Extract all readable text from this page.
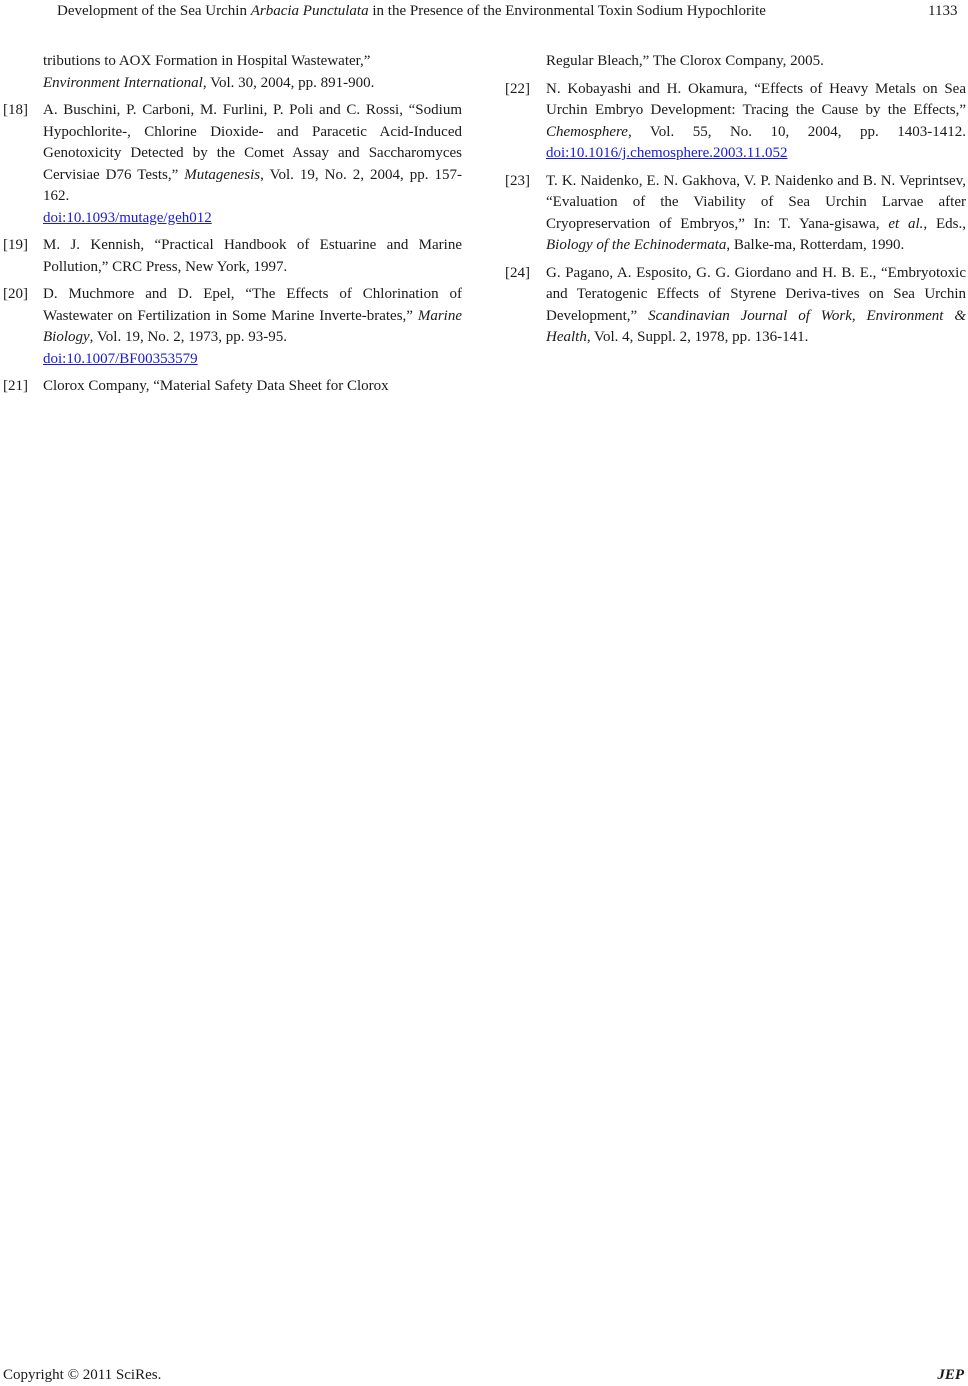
Development of the Sea Urchin Arbacia Punctulata in the Presence of the Environmental Toxin Sodium Hypochlorite	1133
tributions to AOX Formation in Hospital Wastewater,”
Environment International, Vol. 30, 2004, pp. 891-900.
[18] A. Buschini, P. Carboni, M. Furlini, P. Poli and C. Rossi, “Sodium Hypochlorite-, Chlorine Dioxide- and Paracetic Acid-Induced Genotoxicity Detected by the Comet Assay and Saccharomyces Cervisiae D76 Tests,” Mutagenesis, Vol. 19, No. 2, 2004, pp. 157-162.
doi:10.1093/mutage/geh012
[19] M. J. Kennish, “Practical Handbook of Estuarine and Marine Pollution,” CRC Press, New York, 1997.
[20] D. Muchmore and D. Epel, “The Effects of Chlorination of Wastewater on Fertilization in Some Marine Inverte-brates,” Marine Biology, Vol. 19, No. 2, 1973, pp. 93-95.
doi:10.1007/BF00353579
[21] Clorox Company, “Material Safety Data Sheet for Clorox
Regular Bleach,” The Clorox Company, 2005.
[22] N. Kobayashi and H. Okamura, “Effects of Heavy Metals on Sea Urchin Embryo Development: Tracing the Cause by the Effects,” Chemosphere, Vol. 55, No. 10, 2004, pp. 1403-1412. doi:10.1016/j.chemosphere.2003.11.052
[23] T. K. Naidenko, E. N. Gakhova, V. P. Naidenko and B. N. Veprintsev, “Evaluation of the Viability of Sea Urchin Larvae after Cryopreservation of Embryos,” In: T. Yana-gisawa, et al., Eds., Biology of the Echinodermata, Balke-ma, Rotterdam, 1990.
[24] G. Pagano, A. Esposito, G. G. Giordano and H. B. E., “Embryotoxic and Teratogenic Effects of Styrene Deriva-tives on Sea Urchin Development,” Scandinavian Journal of Work, Environment & Health, Vol. 4, Suppl. 2, 1978, pp. 136-141.
Copyright © 2011 SciRes.	JEP
